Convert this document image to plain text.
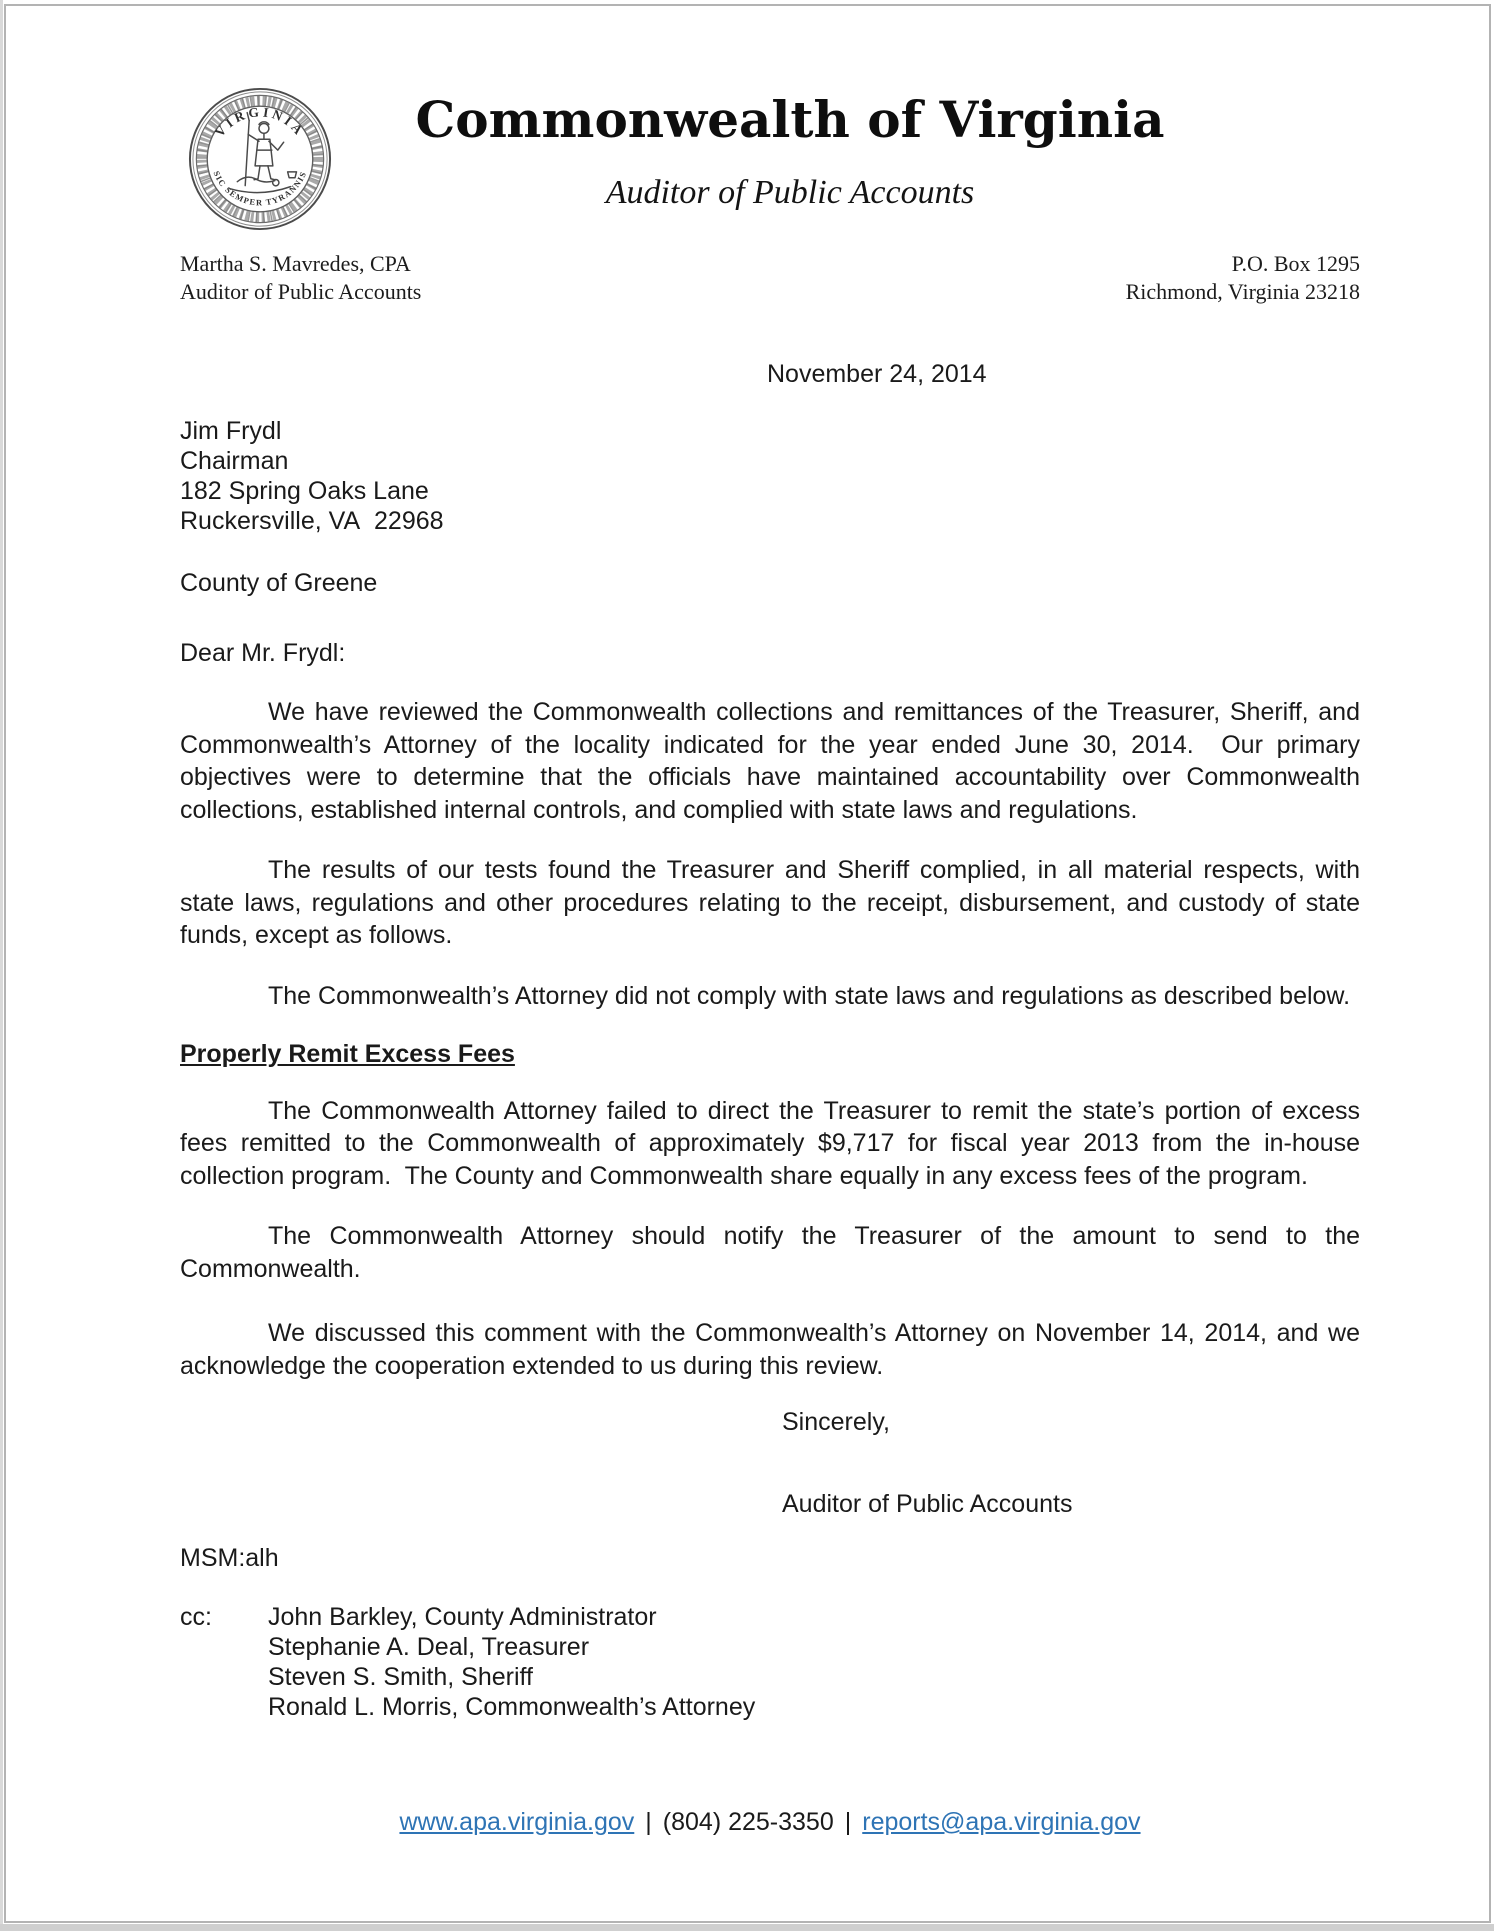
VIRGINIA
SIC SEMPER TYRANNIS
Commonwealth of Virginia
Auditor of Public Accounts
Martha S. Mavredes, CPA
Auditor of Public Accounts
P.O. Box 1295
Richmond, Virginia 23218
November 24, 2014
Jim Frydl
Chairman
182 Spring Oaks Lane
Ruckersville, VA  22968
County of Greene
Dear Mr. Frydl:

We have reviewed the Commonwealth collections and remittances of the Treasurer, Sheriff, and Commonwealth’s Attorney of the locality indicated for the year ended June 30, 2014.  Our primary objectives were to determine that the officials have maintained accountability over Commonwealth collections, established internal controls, and complied with state laws and regulations.

The results of our tests found the Treasurer and Sheriff complied, in all material respects, with state laws, regulations and other procedures relating to the receipt, disbursement, and custody of state funds, except as follows.

The Commonwealth’s Attorney did not comply with state laws and regulations as described below.

Properly Remit Excess Fees

The Commonwealth Attorney failed to direct the Treasurer to remit the state’s portion of excess fees remitted to the Commonwealth of approximately $9,717 for fiscal year 2013 from the in-house collection program.  The County and Commonwealth share equally in any excess fees of the program.

The Commonwealth Attorney should notify the Treasurer of the amount to send to the Commonwealth.

We discussed this comment with the Commonwealth’s Attorney on November 14, 2014, and we acknowledge the cooperation extended to us during this review.

Sincerely,
Auditor of Public Accounts
MSM:alh
cc:	John Barkley, County Administrator
Stephanie A. Deal, Treasurer
Steven S. Smith, Sheriff
Ronald L. Morris, Commonwealth’s Attorney
www.apa.virginia.gov | (804) 225-3350 | reports@apa.virginia.gov
